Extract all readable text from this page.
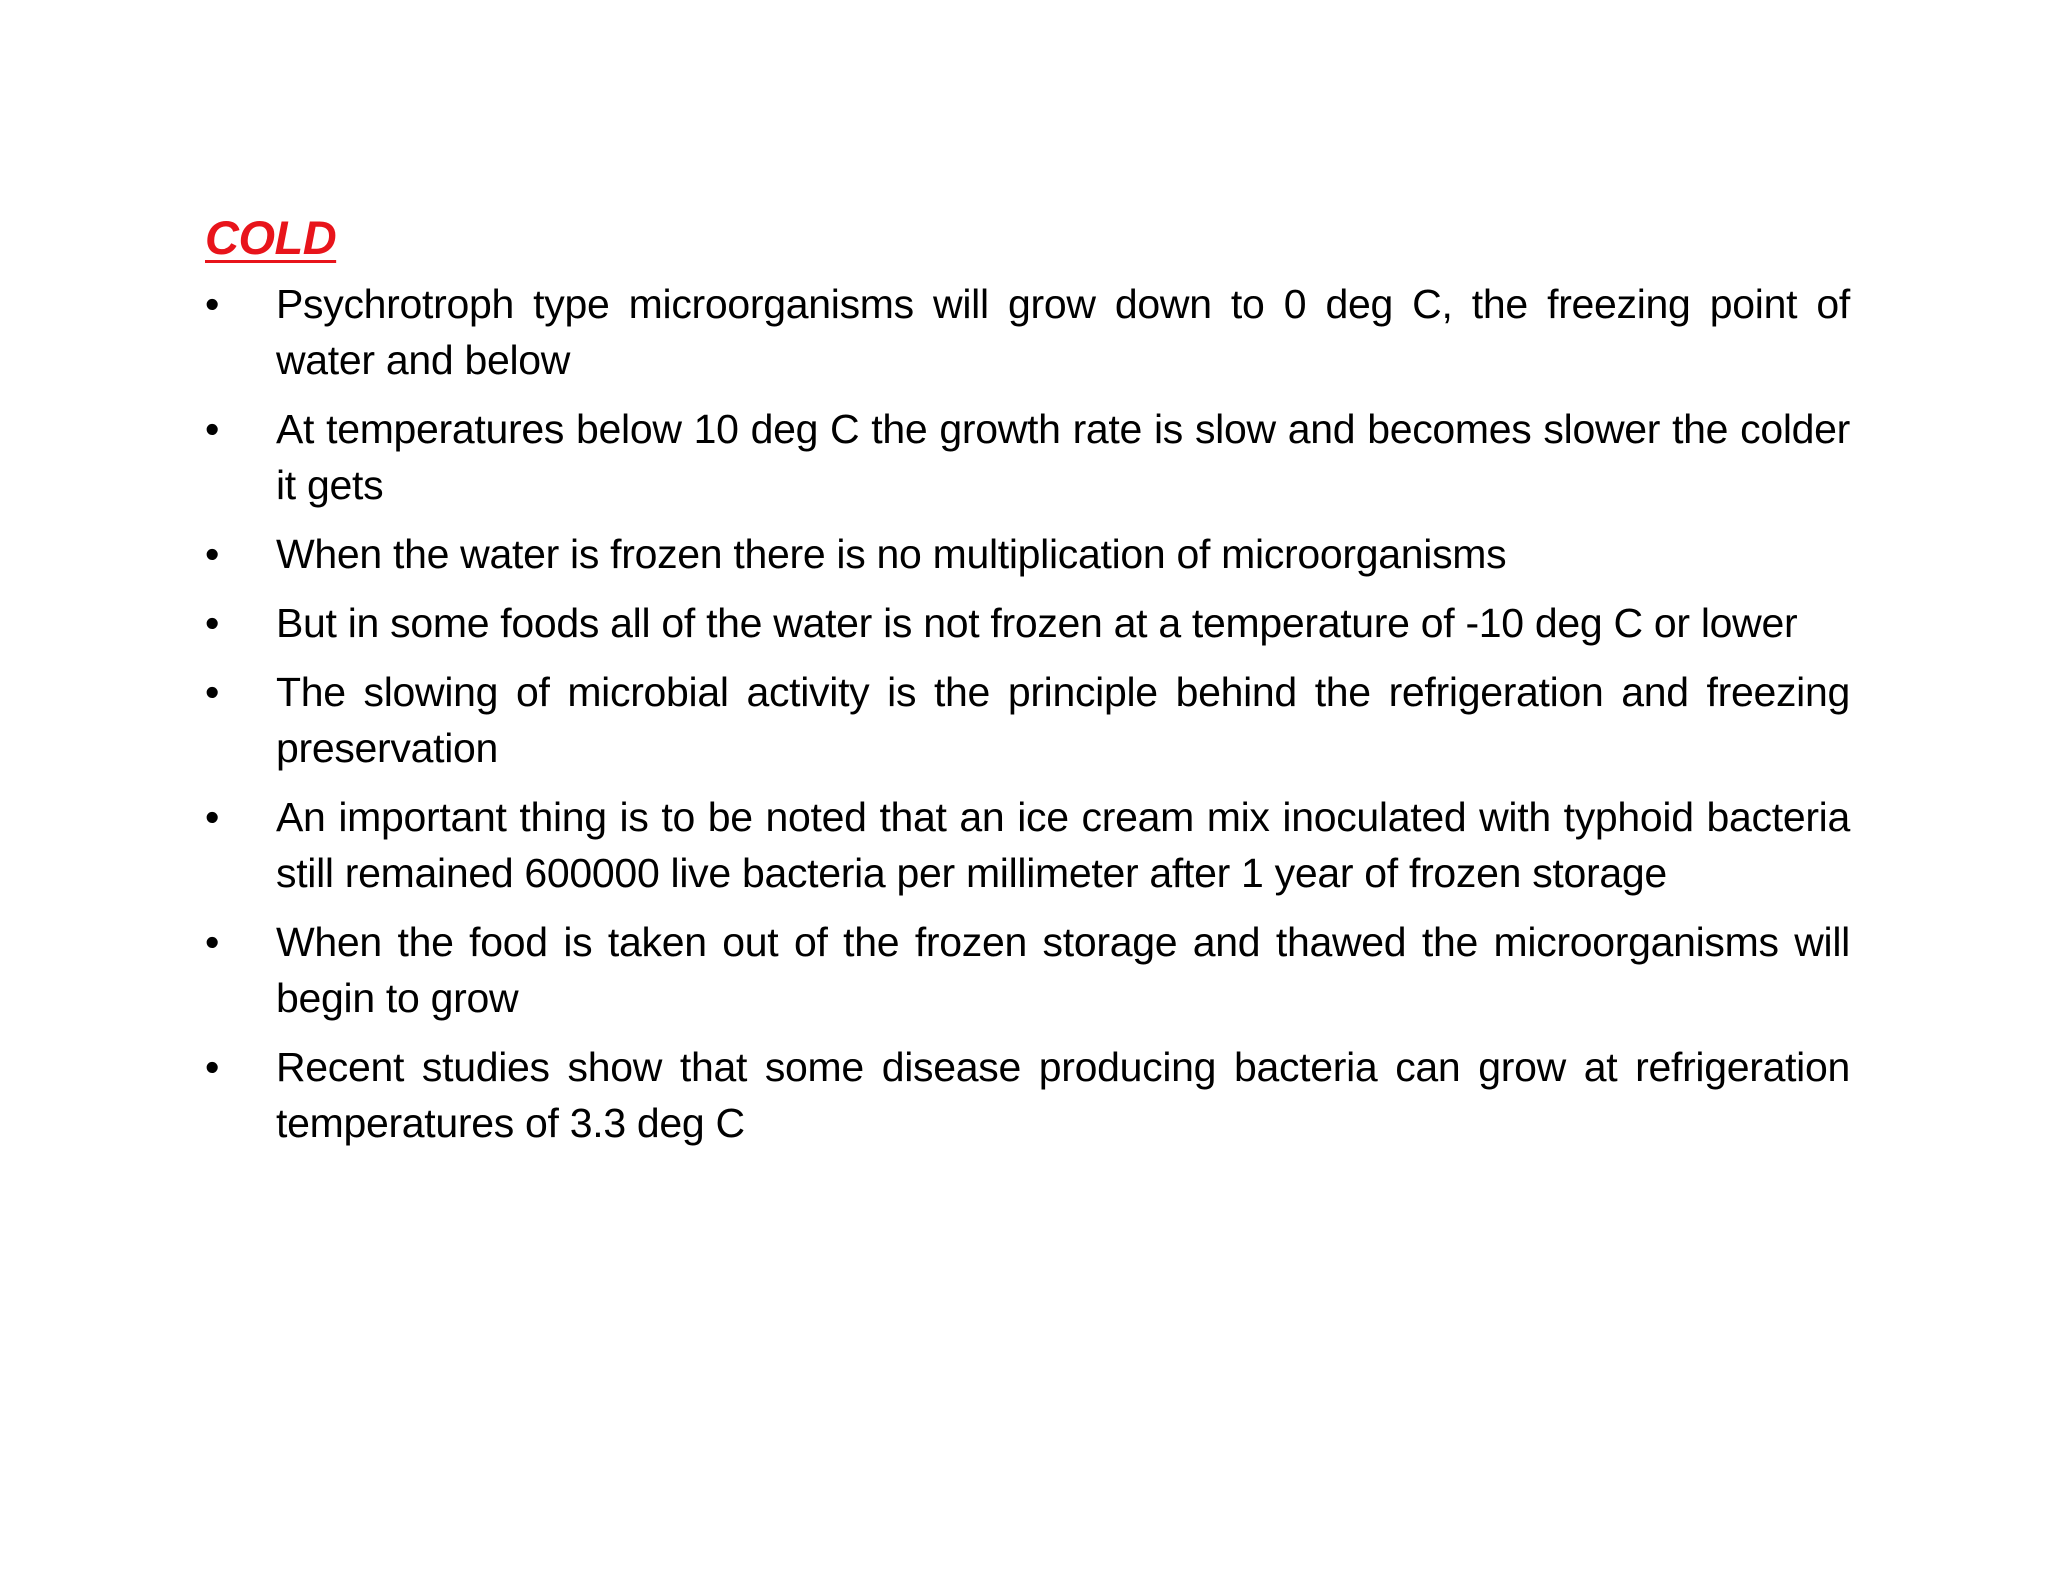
COLD
• Psychrotroph type microorganisms will grow down to 0 deg C, the freezing point of water and below
• At temperatures below 10 deg C the growth rate is slow and becomes slower the colder it gets
• When the water is frozen there is no multiplication of microorganisms
• But in some foods all of the water is not frozen at a temperature of -10 deg C or lower
• The slowing of microbial activity is the principle behind the refrigeration and freezing preservation
• An important thing is to be noted that an ice cream mix inoculated with typhoid bacteria still remained 600000 live bacteria per millimeter after 1 year of frozen storage
• When the food is taken out of the frozen storage and thawed the microorganisms will begin to grow
• Recent studies show that some disease producing bacteria can grow at refrigeration temperatures of 3.3 deg C
